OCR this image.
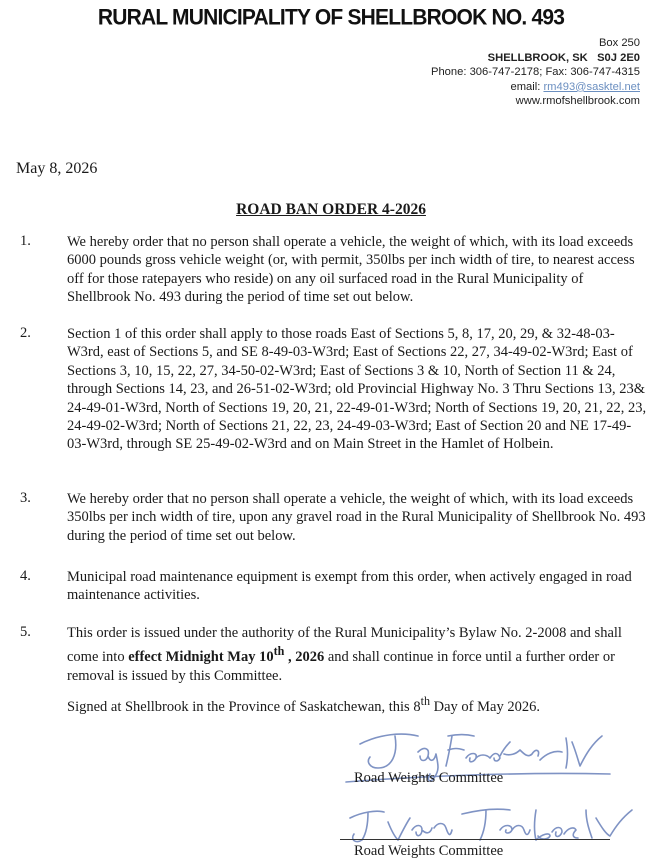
RURAL MUNICIPALITY OF SHELLBROOK NO. 493
Box 250
SHELLBROOK, SK S0J 2E0
Phone: 306-747-2178; Fax: 306-747-4315
email: rm493@sasktel.net
www.rmofshellbrook.com
May 8, 2026
ROAD BAN ORDER 4-2026
1. We hereby order that no person shall operate a vehicle, the weight of which, with its load exceeds 6000 pounds gross vehicle weight (or, with permit, 350lbs per inch width of tire, to nearest access off for those ratepayers who reside) on any oil surfaced road in the Rural Municipality of Shellbrook No. 493 during the period of time set out below.
2. Section 1 of this order shall apply to those roads East of Sections 5, 8, 17, 20, 29, & 32-48-03-W3rd, east of Sections 5, and SE 8-49-03-W3rd; East of Sections 22, 27, 34-49-02-W3rd; East of Sections 3, 10, 15, 22, 27, 34-50-02-W3rd; East of Sections 3 & 10, North of Section 11 & 24, through Sections 14, 23, and 26-51-02-W3rd; old Provincial Highway No. 3 Thru Sections 13, 23& 24-49-01-W3rd, North of Sections 19, 20, 21, 22-49-01-W3rd; North of Sections 19, 20, 21, 22, 23, 24-49-02-W3rd; North of Sections 21, 22, 23, 24-49-03-W3rd; East of Section 20 and NE 17-49-03-W3rd, through SE 25-49-02-W3rd and on Main Street in the Hamlet of Holbein.
3. We hereby order that no person shall operate a vehicle, the weight of which, with its load exceeds 350lbs per inch width of tire, upon any gravel road in the Rural Municipality of Shellbrook No. 493 during the period of time set out below.
4. Municipal road maintenance equipment is exempt from this order, when actively engaged in road maintenance activities.
5. This order is issued under the authority of the Rural Municipality’s Bylaw No. 2-2008 and shall come into effect Midnight May 10th , 2026 and shall continue in force until a further order or removal is issued by this Committee.
Signed at Shellbrook in the Province of Saskatchewan, this 8th Day of May 2026.
Road Weights Committee
Road Weights Committee
